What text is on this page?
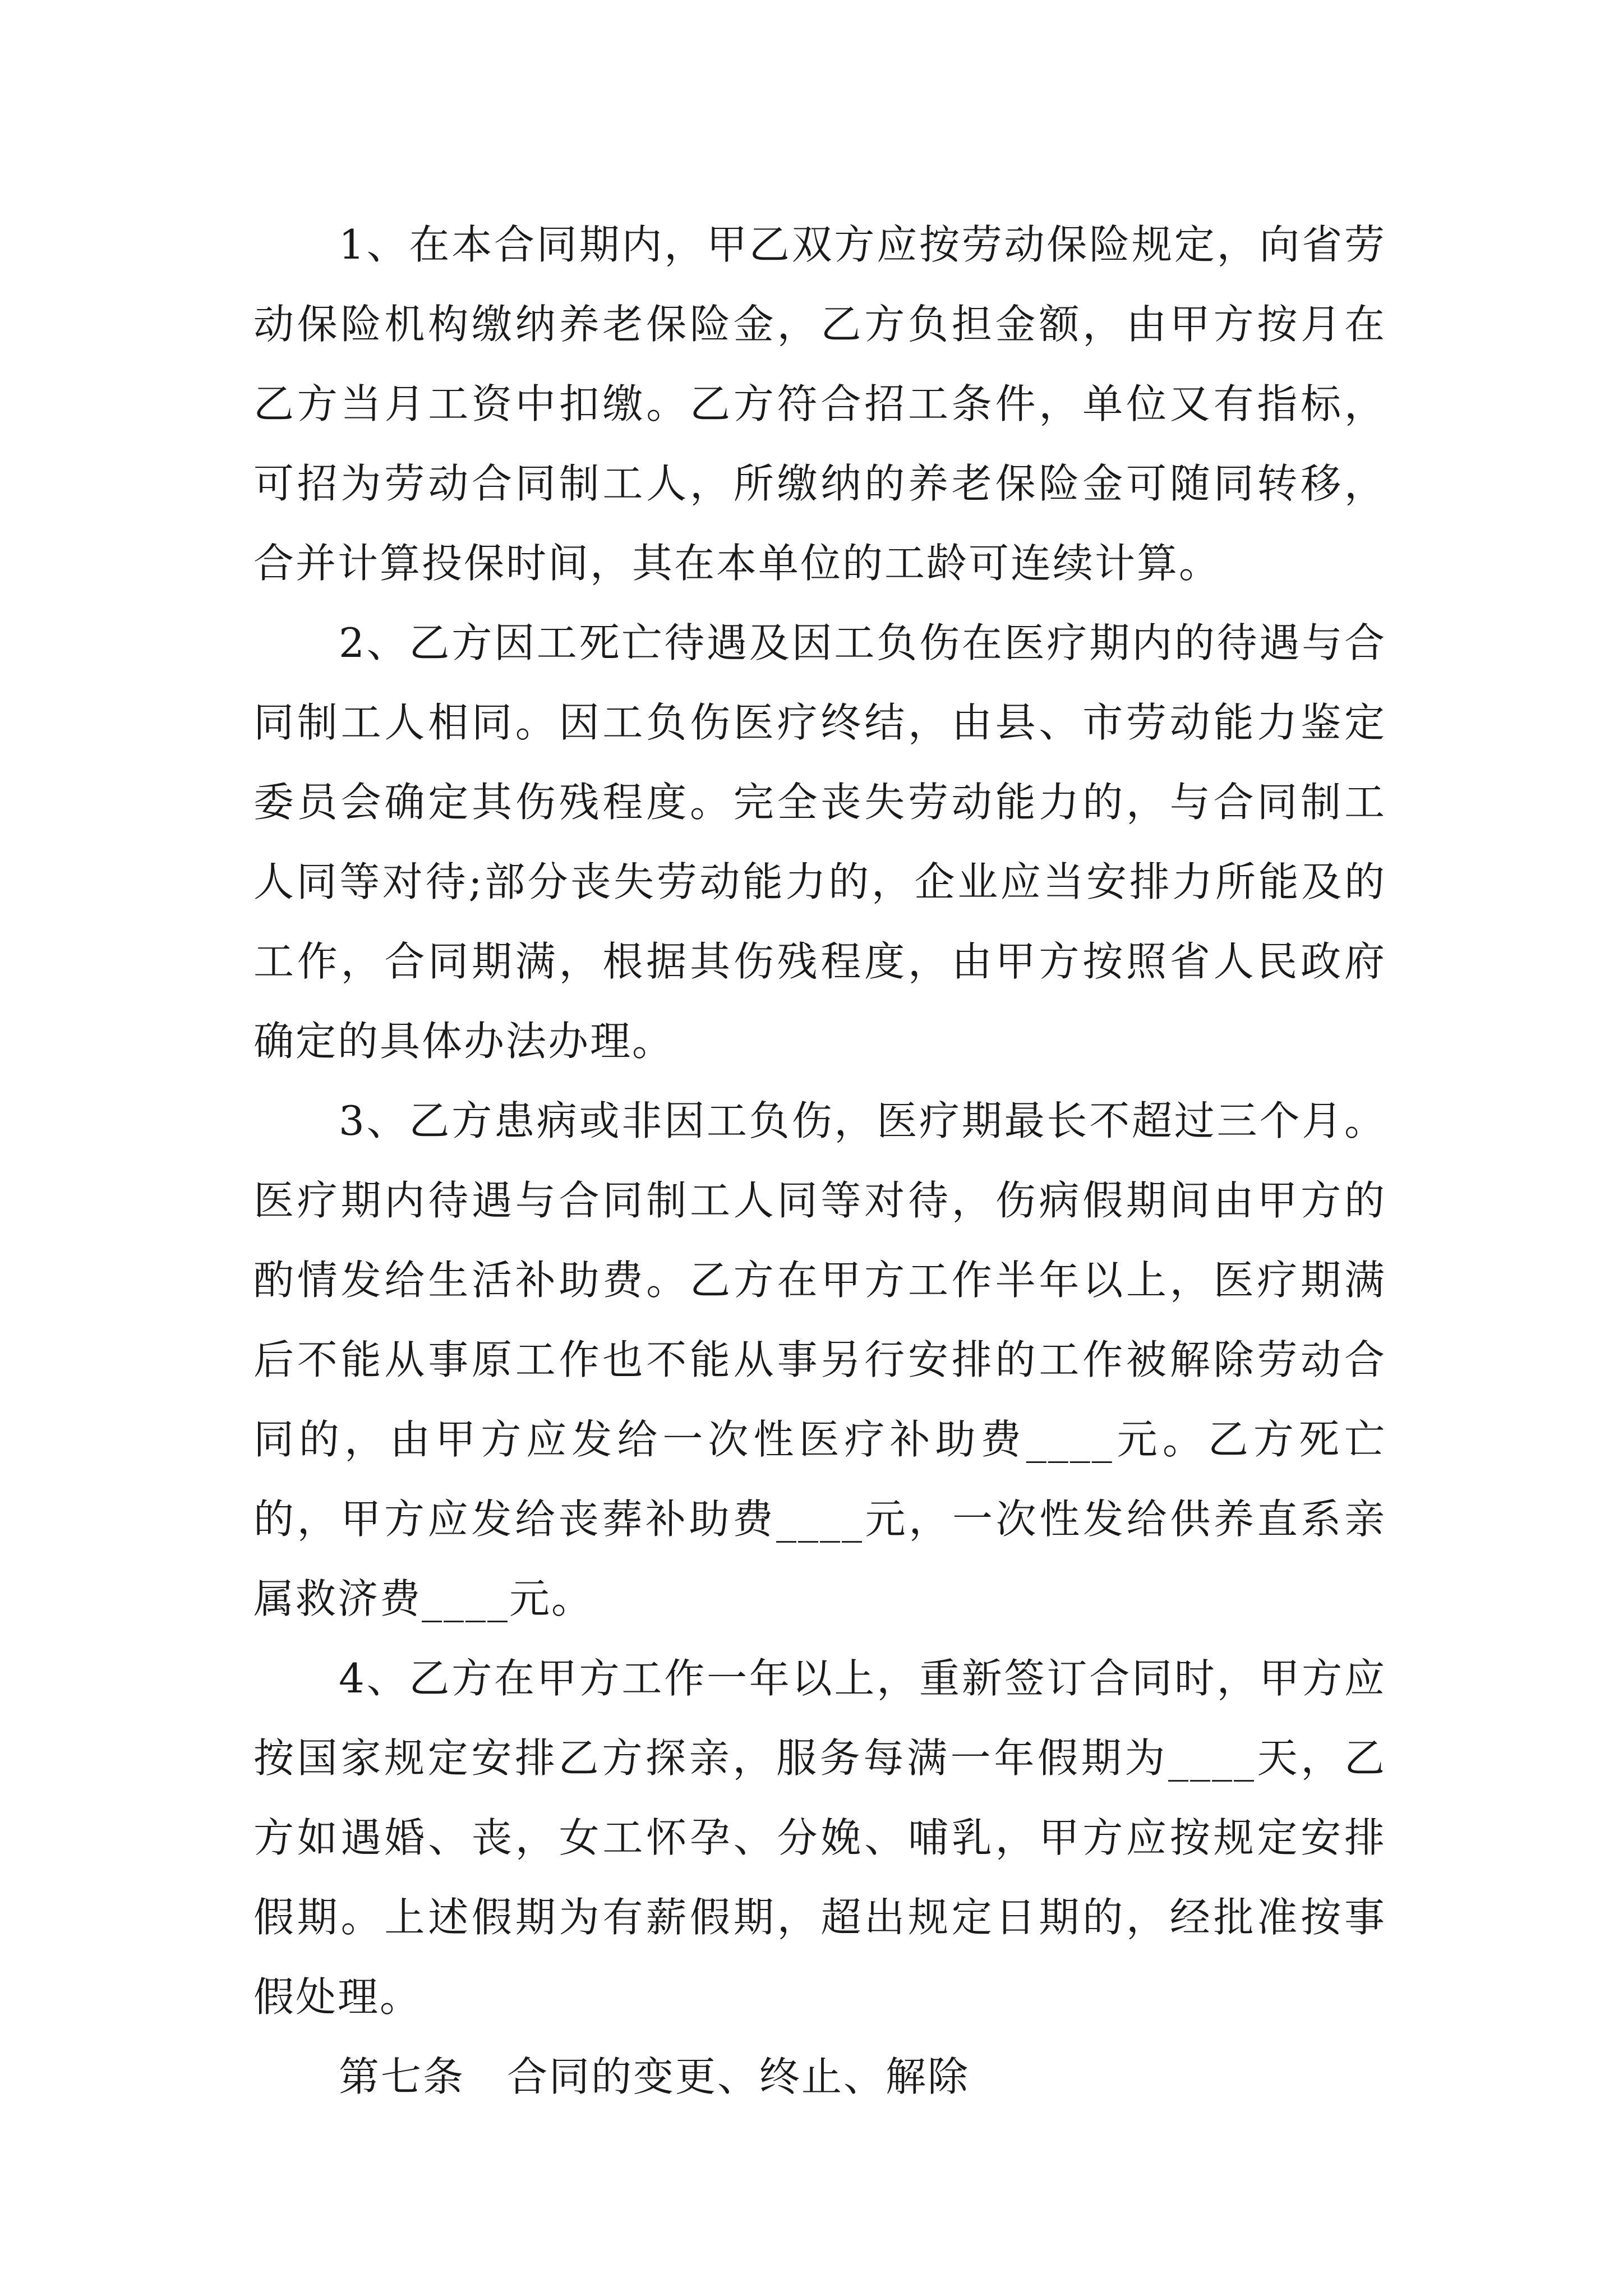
1、在本合同期内，甲乙双方应按劳动保险规定，向省劳动保险机构缴纳养老保险金，乙方负担金额，由甲方按月在乙方当月工资中扣缴。乙方符合招工条件，单位又有指标，可招为劳动合同制工人，所缴纳的养老保险金可随同转移，合并计算投保时间，其在本单位的工龄可连续计算。

2、乙方因工死亡待遇及因工负伤在医疗期内的待遇与合同制工人相同。因工负伤医疗终结，由县、市劳动能力鉴定委员会确定其伤残程度。完全丧失劳动能力的，与合同制工人同等对待;部分丧失劳动能力的，企业应当安排力所能及的工作，合同期满，根据其伤残程度，由甲方按照省人民政府确定的具体办法办理。

3、乙方患病或非因工负伤，医疗期最长不超过三个月。医疗期内待遇与合同制工人同等对待，伤病假期间由甲方的酌情发给生活补助费。乙方在甲方工作半年以上，医疗期满后不能从事原工作也不能从事另行安排的工作被解除劳动合同的，由甲方应发给一次性医疗补助费____元。乙方死亡的，甲方应发给丧葬补助费____元，一次性发给供养直系亲属救济费____元。

4、乙方在甲方工作一年以上，重新签订合同时，甲方应按国家规定安排乙方探亲，服务每满一年假期为____天，乙方如遇婚、丧，女工怀孕、分娩、哺乳，甲方应按规定安排假期。上述假期为有薪假期，超出规定日期的，经批准按事假处理。

第七条　合同的变更、终止、解除
